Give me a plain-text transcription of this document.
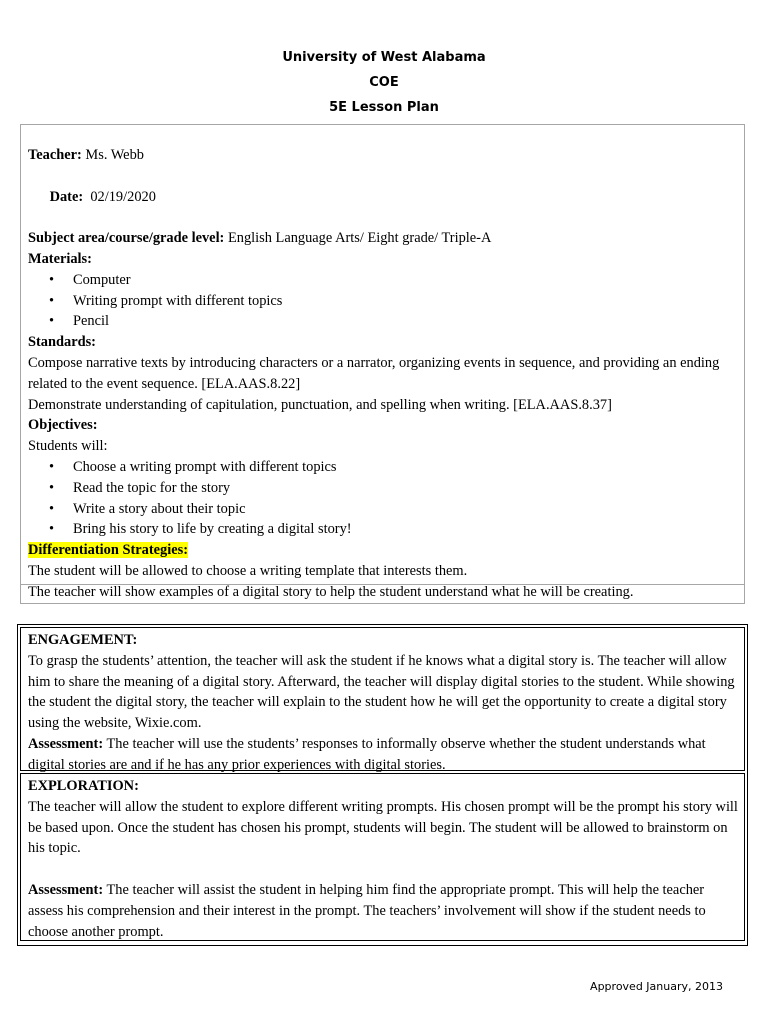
University of West Alabama
COE
5E Lesson Plan
Teacher: Ms. Webb

Date:  02/19/2020

Subject area/course/grade level: English Language Arts/ Eight grade/ Triple-A
Materials:
• Computer
• Writing prompt with different topics
• Pencil
Standards:
Compose narrative texts by introducing characters or a narrator, organizing events in sequence, and providing an ending related to the event sequence. [ELA.AAS.8.22]
Demonstrate understanding of capitulation, punctuation, and spelling when writing. [ELA.AAS.8.37]
Objectives:
Students will:
• Choose a writing prompt with different topics
• Read the topic for the story
• Write a story about their topic
• Bring his story to life by creating a digital story!
Differentiation Strategies:
The student will be allowed to choose a writing template that interests them.
The teacher will show examples of a digital story to help the student understand what he will be creating.
ENGAGEMENT:
To grasp the students’ attention, the teacher will ask the student if he knows what a digital story is. The teacher will allow him to share the meaning of a digital story. Afterward, the teacher will display digital stories to the student. While showing the student the digital story, the teacher will explain to the student how he will get the opportunity to create a digital story using the website, Wixie.com.
Assessment: The teacher will use the students’ responses to informally observe whether the student understands what digital stories are and if he has any prior experiences with digital stories.
EXPLORATION:
The teacher will allow the student to explore different writing prompts. His chosen prompt will be the prompt his story will be based upon. Once the student has chosen his prompt, students will begin. The student will be allowed to brainstorm on his topic.
Assessment: The teacher will assist the student in helping him find the appropriate prompt. This will help the teacher assess his comprehension and their interest in the prompt. The teachers’ involvement will show if the student needs to choose another prompt.
Approved January, 2013
